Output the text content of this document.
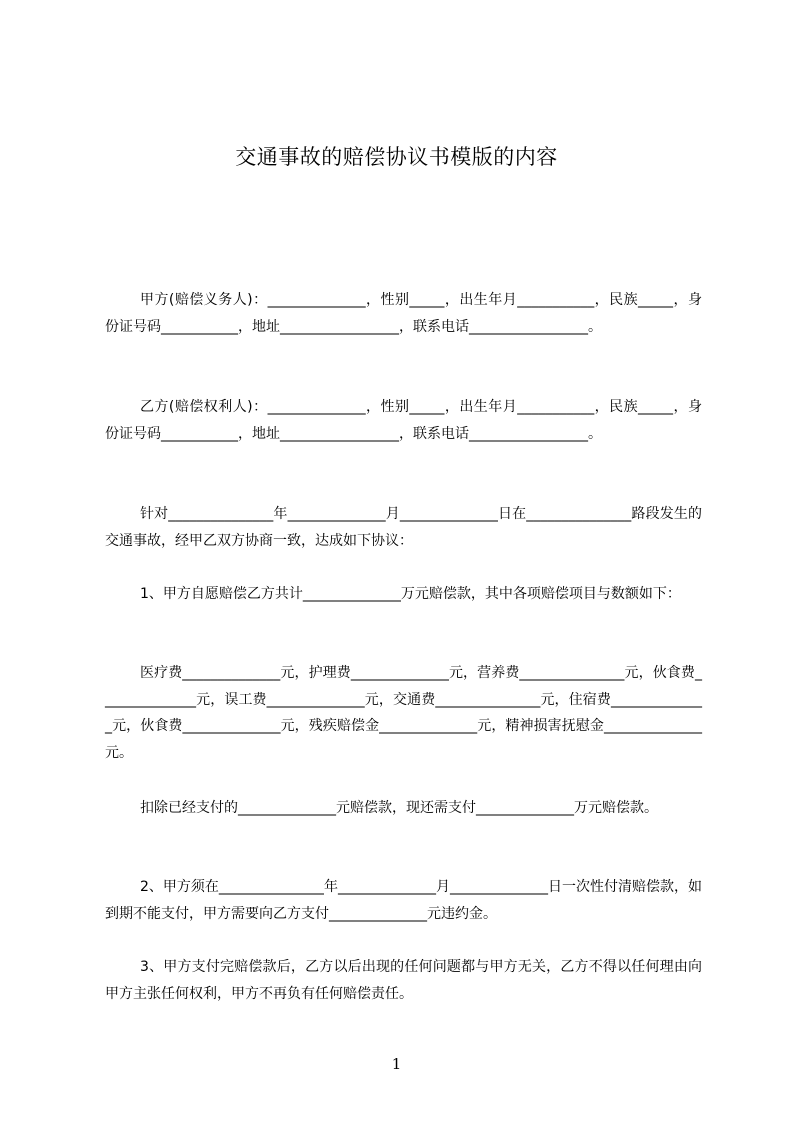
交通事故的赔偿协议书模版的内容
甲方(赔偿义务人)：______________，性别_____，出生年月___________，民族_____，身份证号码___________，地址_________________，联系电话_________________。
乙方(赔偿权利人)：______________，性别_____，出生年月___________，民族_____，身份证号码___________，地址_________________，联系电话_________________。
针对_______________年______________月______________日在_______________路段发生的交通事故，经甲乙双方协商一致，达成如下协议：
1、甲方自愿赔偿乙方共计______________万元赔偿款，其中各项赔偿项目与数额如下：
医疗费______________元，护理费______________元，营养费_______________元，伙食费______________元，误工费______________元，交通费_______________元，住宿费______________元，伙食费______________元，残疾赔偿金______________元，精神损害抚慰金______________元。
扣除已经支付的______________元赔偿款，现还需支付______________万元赔偿款。
2、甲方须在_______________年______________月______________日一次性付清赔偿款，如到期不能支付，甲方需要向乙方支付______________元违约金。
3、甲方支付完赔偿款后，乙方以后出现的任何问题都与甲方无关，乙方不得以任何理由向甲方主张任何权利，甲方不再负有任何赔偿责任。
1
